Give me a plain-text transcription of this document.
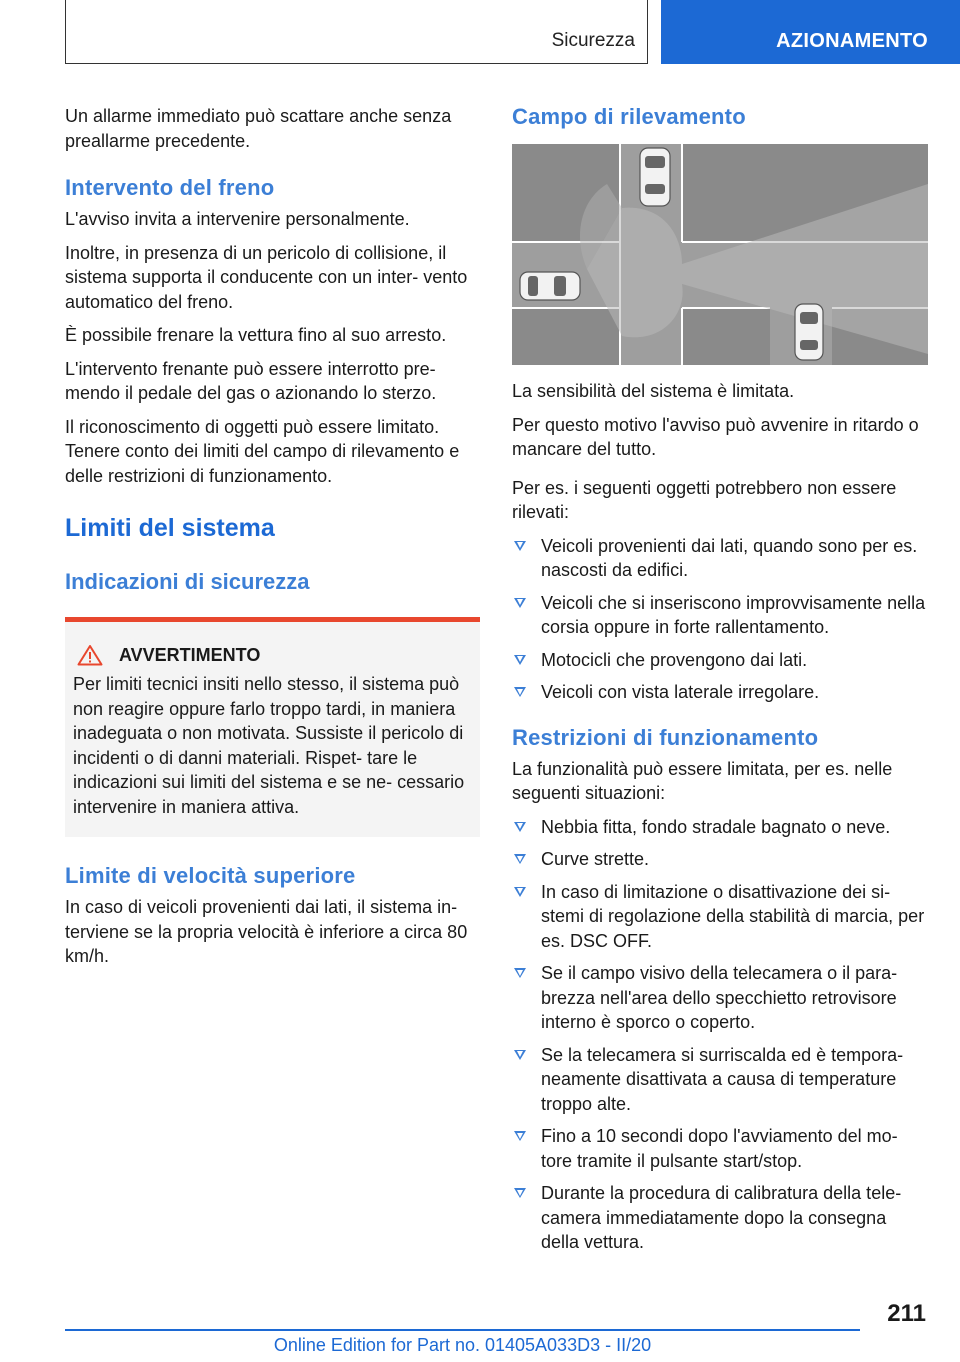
Sicurezza	AZIONAMENTO

Un allarme immediato può scattare anche senza preallarme precedente.

Intervento del freno

L'avviso invita a intervenire personalmente.

Inoltre, in presenza di un pericolo di collisione, il sistema supporta il conducente con un inter‐ vento automatico del freno.

È possibile frenare la vettura fino al suo arresto.

L'intervento frenante può essere interrotto pre‐ mendo il pedale del gas o azionando lo sterzo.

Il riconoscimento di oggetti può essere limitato. Tenere conto dei limiti del campo di rilevamento e delle restrizioni di funzionamento.

Limiti del sistema
Indicazioni di sicurezza
AVVERTIMENTO

Per limiti tecnici insiti nello stesso, il sistema può non reagire oppure farlo troppo tardi, in maniera inadeguata o non motivata. Sussiste il pericolo di incidenti o di danni materiali. Rispet‐ tare le indicazioni sui limiti del sistema e se ne‐ cessario intervenire in maniera attiva.

Limite di velocità superiore

In caso di veicoli provenienti dai lati, il sistema in‐ terviene se la propria velocità è inferiore a circa 80 km/h.

Campo di rilevamento

La sensibilità del sistema è limitata.

Per questo motivo l'avviso può avvenire in ritardo o mancare del tutto.

Per es. i seguenti oggetti potrebbero non essere rilevati:

Veicoli provenienti dai lati, quando sono per es. nascosti da edifici.
Veicoli che si inseriscono improvvisamente nella corsia oppure in forte rallentamento.
Motocicli che provengono dai lati.
Veicoli con vista laterale irregolare.
Restrizioni di funzionamento

La funzionalità può essere limitata, per es. nelle seguenti situazioni:

Nebbia fitta, fondo stradale bagnato o neve.
Curve strette.
In caso di limitazione o disattivazione dei si‐ stemi di regolazione della stabilità di marcia, per es. DSC OFF.
Se il campo visivo della telecamera o il para‐ brezza nell'area dello specchietto retrovisore interno è sporco o coperto.
Se la telecamera si surriscalda ed è tempora‐ neamente disattivata a causa di temperature troppo alte.
Fino a 10 secondi dopo l'avviamento del mo‐ tore tramite il pulsante start/stop.
Durante la procedura di calibratura della tele‐ camera immediatamente dopo la consegna della vettura.
211
Online Edition for Part no. 01405A033D3 - II/20
